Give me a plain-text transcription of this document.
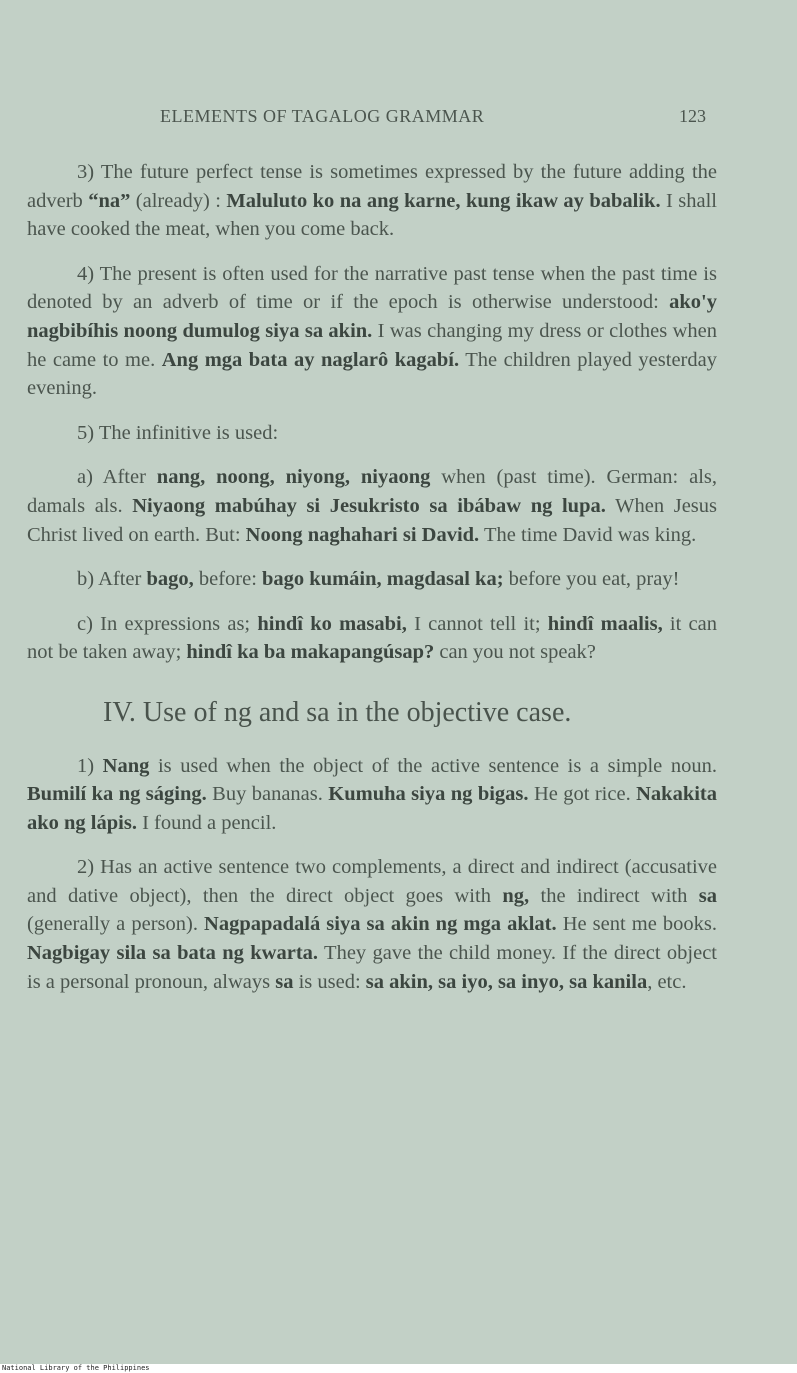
ELEMENTS OF TAGALOG GRAMMAR	123

3) The future perfect tense is sometimes expressed by the future adding the adverb “na” (already) : Maluluto ko na ang karne, kung ikaw ay babalik. I shall have cooked the meat, when you come back.

4) The present is often used for the narrative past tense when the past time is denoted by an adverb of time or if the epoch is otherwise understood: ako'y nagbibíhis noong dumulog siya sa akin. I was changing my dress or clothes when he came to me. Ang mga bata ay naglarô kagabí. The children played yesterday evening.

5) The infinitive is used:

a) After nang, noong, niyong, niyaong when (past time). German: als, damals als. Niyaong mabúhay si Jesukristo sa ibábaw ng lupa. When Jesus Christ lived on earth. But: Noong naghahari si David. The time David was king.

b) After bago, before: bago kumáin, magdasal ka; before you eat, pray!

c) In expressions as; hindî ko masabi, I cannot tell it; hindî maalis, it can not be taken away; hindî ka ba makapangúsap? can you not speak?

IV. Use of ng and sa in the objective case.

1) Nang is used when the object of the active sentence is a simple noun. Bumilí ka ng ságing. Buy bananas. Kumuha siya ng bigas. He got rice. Nakakita ako ng lápis. I found a pencil.

2) Has an active sentence two complements, a direct and indirect (accusative and dative object), then the direct object goes with ng, the indirect with sa (generally a person). Nagpapadalá siya sa akin ng mga aklat. He sent me books. Nagbigay sila sa bata ng kwarta. They gave the child money. If the direct object is a personal pronoun, always sa is used: sa akin, sa iyo, sa inyo, sa kanila, etc.

National Library of the Philippines
